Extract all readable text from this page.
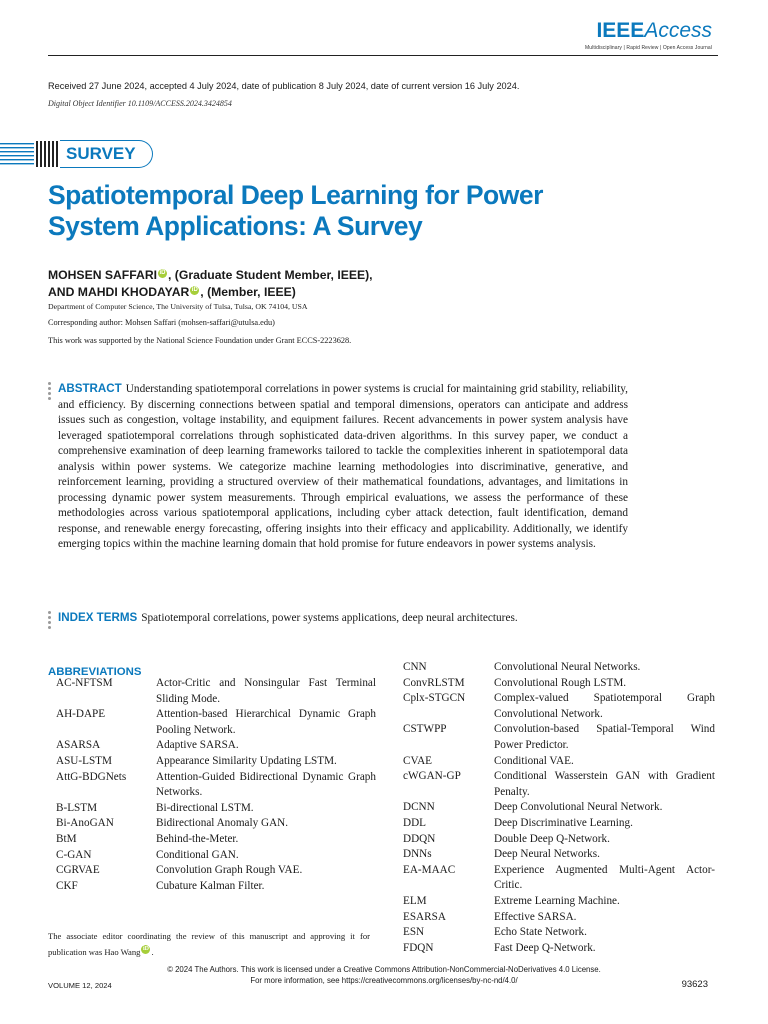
IEEEAccess
Multidisciplinary | Rapid Review | Open Access Journal
Received 27 June 2024, accepted 4 July 2024, date of publication 8 July 2024, date of current version 16 July 2024.
Digital Object Identifier 10.1109/ACCESS.2024.3424854
SURVEY
Spatiotemporal Deep Learning for Power System Applications: A Survey
MOHSEN SAFFARI iD , (Graduate Student Member, IEEE),
AND MAHDI KHODAYAR iD , (Member, IEEE)
Department of Computer Science, The University of Tulsa, Tulsa, OK 74104, USA
Corresponding author: Mohsen Saffari (mohsen-saffari@utulsa.edu)
This work was supported by the National Science Foundation under Grant ECCS-2223628.
ABSTRACT Understanding spatiotemporal correlations in power systems is crucial for maintaining grid stability, reliability, and efficiency. By discerning connections between spatial and temporal dimensions, operators can anticipate and address issues such as congestion, voltage instability, and equipment failures. Recent advancements in power system analysis have leveraged spatiotemporal correlations through sophisticated data-driven algorithms. In this survey paper, we conduct a comprehensive examination of deep learning frameworks tailored to tackle the complexities inherent in spatiotemporal data analysis within power systems. We categorize machine learning methodologies into discriminative, generative, and reinforcement learning, providing a structured overview of their mathematical foundations, advantages, and limitations in processing dynamic power system measurements. Through empirical evaluations, we assess the performance of these methodologies across various spatiotemporal applications, including cyber attack detection, fault identification, demand response, and renewable energy forecasting, offering insights into their efficacy and applicability. Additionally, we identify emerging topics within the machine learning domain that hold promise for future endeavors in power systems analysis.
INDEX TERMS Spatiotemporal correlations, power systems applications, deep neural architectures.
ABBREVIATIONS
AC-NFTSM	Actor-Critic and Nonsingular Fast Terminal Sliding Mode.
AH-DAPE	Attention-based Hierarchical Dynamic Graph Pooling Network.
ASARSA	Adaptive SARSA.
ASU-LSTM	Appearance Similarity Updating LSTM.
AttG-BDGNets	Attention-Guided Bidirectional Dynamic Graph Networks.
B-LSTM	Bi-directional LSTM.
Bi-AnoGAN	Bidirectional Anomaly GAN.
BtM	Behind-the-Meter.
C-GAN	Conditional GAN.
CGRVAE	Convolution Graph Rough VAE.
CKF	Cubature Kalman Filter.
CNN	Convolutional Neural Networks.
ConvRLSTM	Convolutional Rough LSTM.
Cplx-STGCN	Complex-valued Spatiotemporal Graph Convolutional Network.
CSTWPP	Convolution-based Spatial-Temporal Wind Power Predictor.
CVAE	Conditional VAE.
cWGAN-GP	Conditional Wasserstein GAN with Gradient Penalty.
DCNN	Deep Convolutional Neural Network.
DDL	Deep Discriminative Learning.
DDQN	Double Deep Q-Network.
DNNs	Deep Neural Networks.
EA-MAAC	Experience Augmented Multi-Agent Actor-Critic.
ELM	Extreme Learning Machine.
ESARSA	Effective SARSA.
ESN	Echo State Network.
FDQN	Fast Deep Q-Network.
The associate editor coordinating the review of this manuscript and approving it for publication was Hao Wang iD .
© 2024 The Authors. This work is licensed under a Creative Commons Attribution-NonCommercial-NoDerivatives 4.0 License.
For more information, see https://creativecommons.org/licenses/by-nc-nd/4.0/
VOLUME 12, 2024	93623
